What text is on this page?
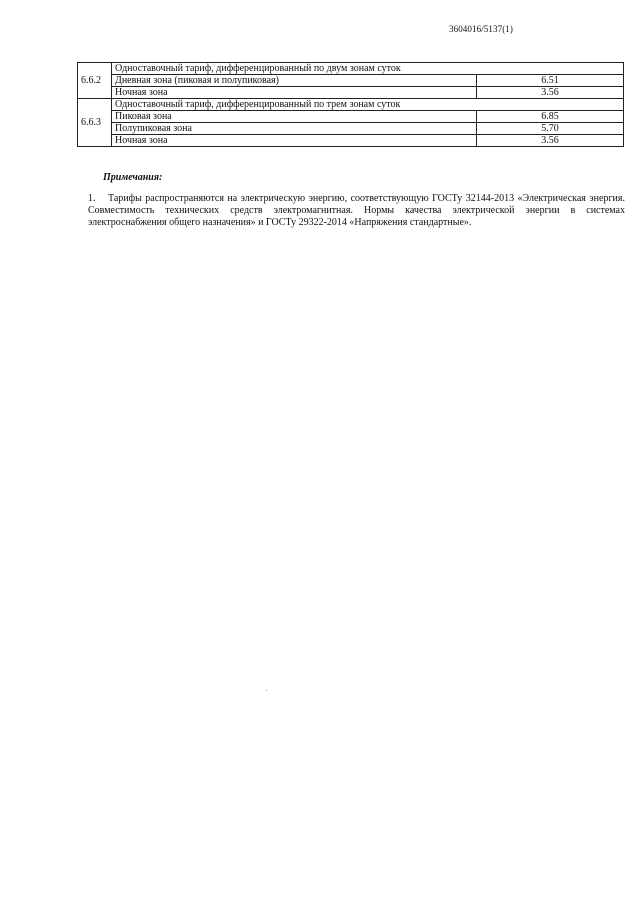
3604016/5137(1)
6.6.2	Одноставочный тариф, дифференцированный по двум зонам суток	
	Дневная зона (пиковая и полупиковая)	6.51
	Ночная зона	3.56
6.6.3	Одноставочный тариф, дифференцированный по трем зонам суток	
	Пиковая зона	6.85
	Полупиковая зона	5.70
	Ночная зона	3.56
Примечания:
1. Тарифы распространяются на электрическую энергию, соответствующую ГОСТу 32144-2013 «Электрическая энергия. Совместимость технических средств электромагнитная. Нормы качества электрической энергии в системах электроснабжения общего назначения» и ГОСТу 29322-2014 «Напряжения стандартные».
